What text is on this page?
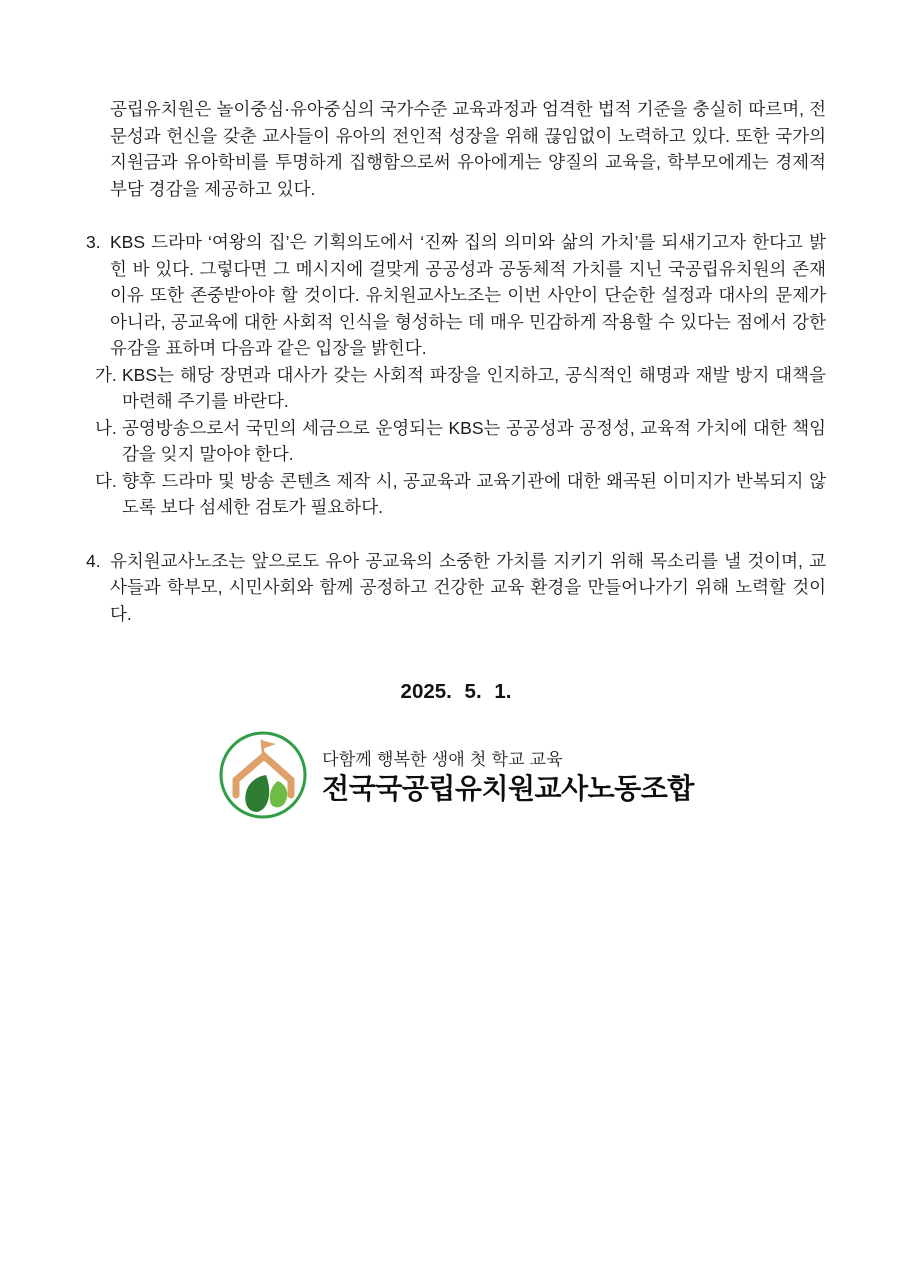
공립유치원은 놀이중심·유아중심의 국가수준 교육과정과 엄격한 법적 기준을 충실히 따르며, 전문성과 헌신을 갖춘 교사들이 유아의 전인적 성장을 위해 끊임없이 노력하고 있다. 또한 국가의 지원금과 유아학비를 투명하게 집행함으로써 유아에게는 양질의 교육을, 학부모에게는 경제적 부담 경감을 제공하고 있다.

3. KBS 드라마 ‘여왕의 집’은 기획의도에서 ‘진짜 집의 의미와 삶의 가치’를 되새기고자 한다고 밝힌 바 있다. 그렇다면 그 메시지에 걸맞게 공공성과 공동체적 가치를 지닌 국공립유치원의 존재 이유 또한 존중받아야 할 것이다. 유치원교사노조는 이번 사안이 단순한 설정과 대사의 문제가 아니라, 공교육에 대한 사회적 인식을 형성하는 데 매우 민감하게 작용할 수 있다는 점에서 강한 유감을 표하며 다음과 같은 입장을 밝힌다.

가. KBS는 해당 장면과 대사가 갖는 사회적 파장을 인지하고, 공식적인 해명과 재발 방지 대책을 마련해 주기를 바란다.

나. 공영방송으로서 국민의 세금으로 운영되는 KBS는 공공성과 공정성, 교육적 가치에 대한 책임감을 잊지 말아야 한다.

다. 향후 드라마 및 방송 콘텐츠 제작 시, 공교육과 교육기관에 대한 왜곡된 이미지가 반복되지 않도록 보다 섬세한 검토가 필요하다.

4. 유치원교사노조는 앞으로도 유아 공교육의 소중한 가치를 지키기 위해 목소리를 낼 것이며, 교사들과 학부모, 시민사회와 함께 공정하고 건강한 교육 환경을 만들어나가기 위해 노력할 것이다.

2025. 5. 1.
다함께 행복한 생애 첫 학교 교육
전국국공립유치원교사노동조합
